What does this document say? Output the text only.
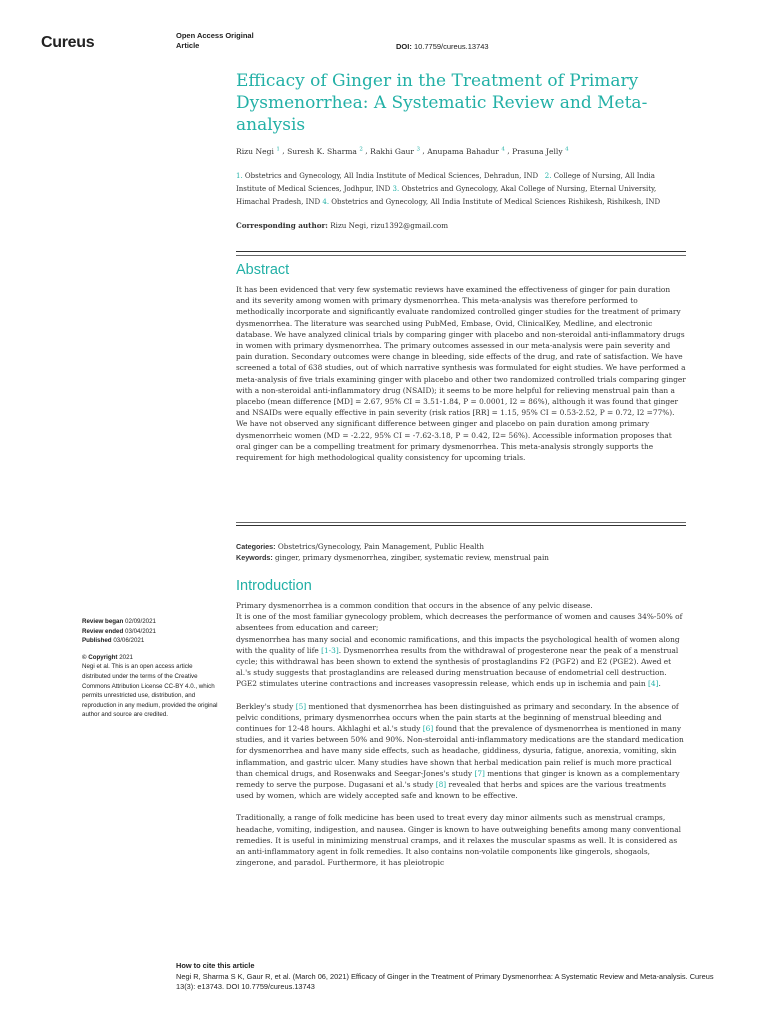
Cureus	Open Access Original
Article	DOI: 10.7759/cureus.13743
Efficacy of Ginger in the Treatment of Primary Dysmenorrhea: A Systematic Review and Meta-analysis
Rizu Negi $^1$ , Suresh K. Sharma $^2$ , Rakhi Gaur $^3$ , Anupama Bahadur $^4$ , Prasuna Jelly $^4$
1. Obstetrics and Gynecology, All India Institute of Medical Sciences, Dehradun, IND 2. College of Nursing, All India Institute of Medical Sciences, Jodhpur, IND 3. Obstetrics and Gynecology, Akal College of Nursing, Eternal University, Himachal Pradesh, IND 4. Obstetrics and Gynecology, All India Institute of Medical Sciences Rishikesh, Rishikesh, IND
Corresponding author: Rizu Negi, rizu1392@gmail.com
Abstract

It has been evidenced that very few systematic reviews have examined the effectiveness of ginger for pain duration and its severity among women with primary dysmenorrhea. This meta-analysis was therefore performed to methodically incorporate and significantly evaluate randomized controlled ginger studies for the treatment of primary dysmenorrhea. The literature was searched using PubMed, Embase, Ovid, ClinicalKey, Medline, and electronic database. We have analyzed clinical trials by comparing ginger with placebo and non-steroidal anti-inflammatory drugs in women with primary dysmenorrhea. The primary outcomes assessed in our meta-analysis were pain severity and pain duration. Secondary outcomes were change in bleeding, side effects of the drug, and rate of satisfaction. We have screened a total of 638 studies, out of which narrative synthesis was formulated for eight studies. We have performed a meta-analysis of five trials examining ginger with placebo and other two randomized controlled trials comparing ginger with a non-steroidal anti-inflammatory drug (NSAID); it seems to be more helpful for relieving menstrual pain than a placebo (mean difference [MD] = 2.67, 95% CI = 3.51-1.84, P = 0.0001, I2 = 86%), although it was found that ginger and NSAIDs were equally effective in pain severity (risk ratios [RR] = 1.15, 95% CI = 0.53-2.52, P = 0.72, I2 =77%). We have not observed any significant difference between ginger and placebo on pain duration among primary dysmenorrheic women (MD = -2.22, 95% CI = -7.62-3.18, P = 0.42, I2= 56%). Accessible information proposes that oral ginger can be a compelling treatment for primary dysmenorrhea. This meta-analysis strongly supports the requirement for high methodological quality consistency for upcoming trials.

Categories: Obstetrics/Gynecology, Pain Management, Public Health
Keywords: ginger, primary dysmenorrhea, zingiber, systematic review, menstrual pain
Introduction

Primary dysmenorrhea is a common condition that occurs in the absence of any pelvic disease.
It is one of the most familiar gynecology problem, which decreases the performance of women and causes 34%-50% of absentees from education and career;
dysmenorrhea has many social and economic ramifications, and this impacts the psychological health of women along with the quality of life [1-3]. Dysmenorrhea results from the withdrawal of progesterone near the peak of a menstrual cycle; this withdrawal has been shown to extend the synthesis of prostaglandins F2 (PGF2) and E2 (PGE2). Awed et al.'s study suggests that prostaglandins are released during menstruation because of endometrial cell destruction. PGE2 stimulates uterine contractions and increases vasopressin release, which ends up in ischemia and pain [4].

Berkley's study [5] mentioned that dysmenorrhea has been distinguished as primary and secondary. In the absence of pelvic conditions, primary dysmenorrhea occurs when the pain starts at the beginning of menstrual bleeding and continues for 12-48 hours. Akhlaghi et al.'s study [6] found that the prevalence of dysmenorrhea is mentioned in many studies, and it varies between 50% and 90%. Non-steroidal anti-inflammatory medications are the standard medication for dysmenorrhea and have many side effects, such as headache, giddiness, dysuria, fatigue, anorexia, vomiting, skin inflammation, and gastric ulcer. Many studies have shown that herbal medication pain relief is much more practical than chemical drugs, and Rosenwaks and Seegar-Jones's study [7] mentions that ginger is known as a complementary remedy to serve the purpose. Dugasani et al.'s study [8] revealed that herbs and spices are the various treatments used by women, which are widely accepted safe and known to be effective.

Traditionally, a range of folk medicine has been used to treat every day minor ailments such as menstrual cramps, headache, vomiting, indigestion, and nausea. Ginger is known to have outweighing benefits among many conventional remedies. It is useful in minimizing menstrual cramps, and it relaxes the muscular spasms as well. It is considered as an anti-inflammatory agent in folk remedies. It also contains non-volatile components like gingerols, shogaols, zingerone, and paradol. Furthermore, it has pleiotropic

Review began 02/09/2021
Review ended 03/04/2021
Published 03/06/2021
© Copyright 2021
Negi et al. This is an open access article distributed under the terms of the Creative Commons Attribution License CC-BY 4.0., which permits unrestricted use, distribution, and reproduction in any medium, provided the original author and source are credited.
How to cite this article
Negi R, Sharma S K, Gaur R, et al. (March 06, 2021) Efficacy of Ginger in the Treatment of Primary Dysmenorrhea: A Systematic Review and Meta-analysis. Cureus 13(3): e13743. DOI 10.7759/cureus.13743
